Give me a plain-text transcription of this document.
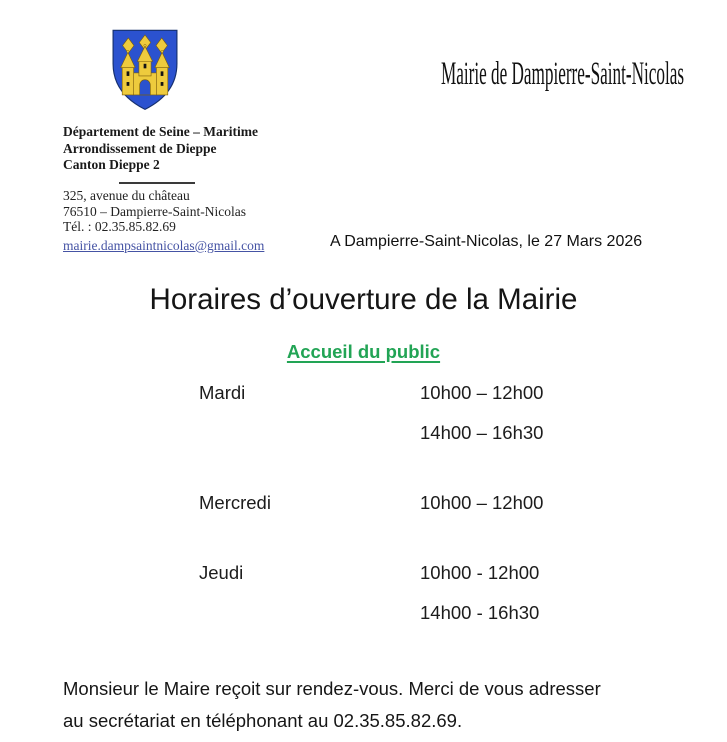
Mairie de Dampierre-Saint-Nicolas
Département de Seine – Maritime
Arrondissement de Dieppe
Canton Dieppe 2
325, avenue du château
76510 – Dampierre-Saint-Nicolas
Tél. : 02.35.85.82.69
mairie.dampsaintnicolas@gmail.com	A Dampierre-Saint-Nicolas, le 27 Mars 2026
Horaires d’ouverture de la Mairie
Accueil du public
Mardi	10h00 – 12h00
14h00 – 16h30
Mercredi	10h00 – 12h00
Jeudi	10h00 - 12h00
14h00 - 16h30
Monsieur le Maire reçoit sur rendez-vous. Merci de vous adresser
au secrétariat en téléphonant au 02.35.85.82.69.
